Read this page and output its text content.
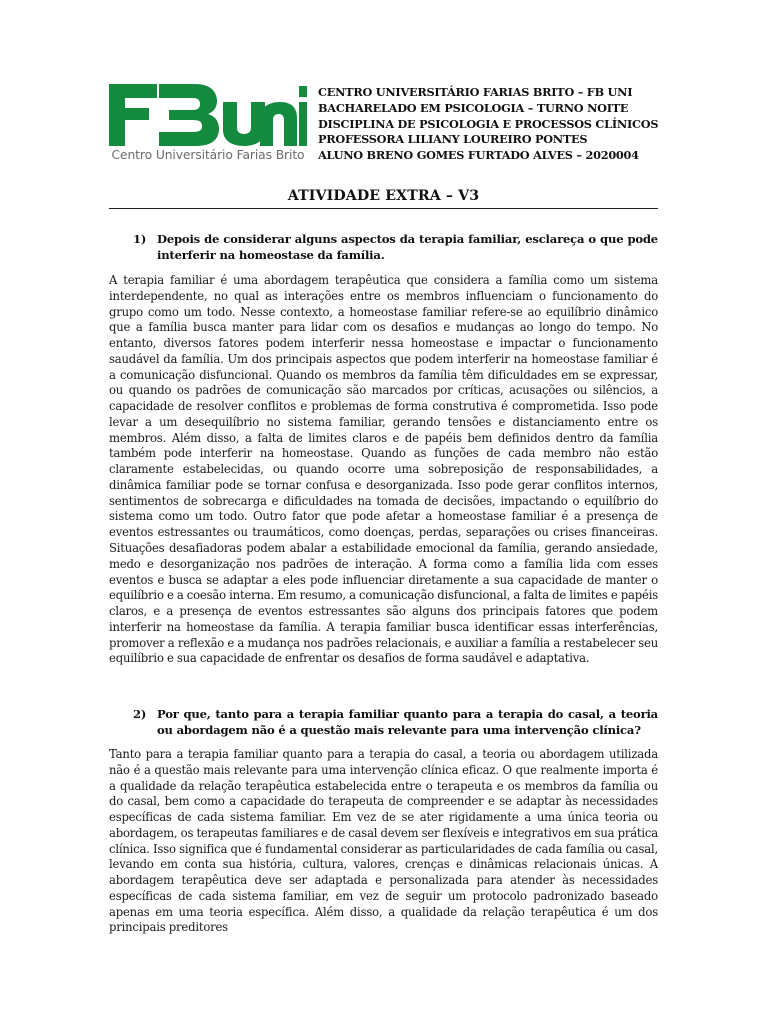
Centro Universitário Farias Brito
CENTRO UNIVERSITÁRIO FARIAS BRITO – FB UNI
BACHARELADO EM PSICOLOGIA – TURNO NOITE
DISCIPLINA DE PSICOLOGIA E PROCESSOS CLÍNICOS
PROFESSORA LILIANY LOUREIRO PONTES
ALUNO BRENO GOMES FURTADO ALVES – 2020004
ATIVIDADE EXTRA – V3
1) Depois de considerar alguns aspectos da terapia familiar, esclareça o que pode interferir na homeostase da família.
A terapia familiar é uma abordagem terapêutica que considera a família como um sistema interdependente, no qual as interações entre os membros influenciam o funcionamento do grupo como um todo. Nesse contexto, a homeostase familiar refere-se ao equilíbrio dinâmico que a família busca manter para lidar com os desafios e mudanças ao longo do tempo. No entanto, diversos fatores podem interferir nessa homeostase e impactar o funcionamento saudável da família. Um dos principais aspectos que podem interferir na homeostase familiar é a comunicação disfuncional. Quando os membros da família têm dificuldades em se expressar, ou quando os padrões de comunicação são marcados por críticas, acusações ou silêncios, a capacidade de resolver conflitos e problemas de forma construtiva é comprometida. Isso pode levar a um desequilíbrio no sistema familiar, gerando tensões e distanciamento entre os membros. Além disso, a falta de limites claros e de papéis bem definidos dentro da família também pode interferir na homeostase. Quando as funções de cada membro não estão claramente estabelecidas, ou quando ocorre uma sobreposição de responsabilidades, a dinâmica familiar pode se tornar confusa e desorganizada. Isso pode gerar conflitos internos, sentimentos de sobrecarga e dificuldades na tomada de decisões, impactando o equilíbrio do sistema como um todo. Outro fator que pode afetar a homeostase familiar é a presença de eventos estressantes ou traumáticos, como doenças, perdas, separações ou crises financeiras. Situações desafiadoras podem abalar a estabilidade emocional da família, gerando ansiedade, medo e desorganização nos padrões de interação. A forma como a família lida com esses eventos e busca se adaptar a eles pode influenciar diretamente a sua capacidade de manter o equilíbrio e a coesão interna. Em resumo, a comunicação disfuncional, a falta de limites e papéis claros, e a presença de eventos estressantes são alguns dos principais fatores que podem interferir na homeostase da família. A terapia familiar busca identificar essas interferências, promover a reflexão e a mudança nos padrões relacionais, e auxiliar a família a restabelecer seu equilíbrio e sua capacidade de enfrentar os desafios de forma saudável e adaptativa.
2) Por que, tanto para a terapia familiar quanto para a terapia do casal, a teoria ou abordagem não é a questão mais relevante para uma intervenção clínica?
Tanto para a terapia familiar quanto para a terapia do casal, a teoria ou abordagem utilizada não é a questão mais relevante para uma intervenção clínica eficaz. O que realmente importa é a qualidade da relação terapêutica estabelecida entre o terapeuta e os membros da família ou do casal, bem como a capacidade do terapeuta de compreender e se adaptar às necessidades específicas de cada sistema familiar. Em vez de se ater rigidamente a uma única teoria ou abordagem, os terapeutas familiares e de casal devem ser flexíveis e integrativos em sua prática clínica. Isso significa que é fundamental considerar as particularidades de cada família ou casal, levando em conta sua história, cultura, valores, crenças e dinâmicas relacionais únicas. A abordagem terapêutica deve ser adaptada e personalizada para atender às necessidades específicas de cada sistema familiar, em vez de seguir um protocolo padronizado baseado apenas em uma teoria específica. Além disso, a qualidade da relação terapêutica é um dos principais preditores
